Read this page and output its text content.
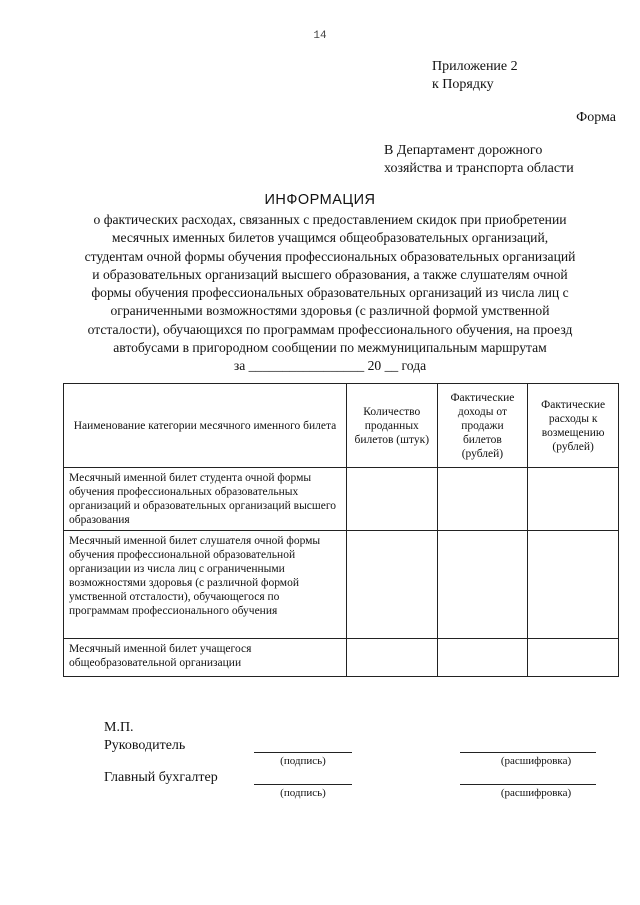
14
Приложение 2
к Порядку
Форма
В Департамент дорожного
хозяйства и транспорта области
ИНФОРМАЦИЯ
о фактических расходах, связанных с предоставлением скидок при приобретении
месячных именных билетов учащимся общеобразовательных организаций,
студентам очной формы обучения профессиональных образовательных организаций
и образовательных организаций высшего образования, а также слушателям очной
формы обучения профессиональных образовательных организаций из числа лиц с
ограниченными возможностями здоровья (с различной формой умственной
отсталости), обучающихся по программам профессионального обучения, на проезд
автобусами в пригородном сообщении по межмуниципальным маршрутам
за _________________ 20 __ года
Наименование категории месячного именного билета	Количество проданных билетов (штук)	Фактические доходы от продажи билетов (рублей)	Фактические расходы к возмещению (рублей)
Месячный именной билет студента очной формы обучения профессиональных образовательных организаций и образовательных организаций высшего образования			
Месячный именной билет слушателя очной формы обучения профессиональной образовательной организации из числа лиц с ограниченными возможностями здоровья (с различной формой умственной отсталости), обучающегося по программам профессионального обучения			
Месячный именной билет учащегося общеобразовательной организации			
М.П.
Руководитель
(подпись)	(расшифровка)
Главный бухгалтер
(подпись)	(расшифровка)
